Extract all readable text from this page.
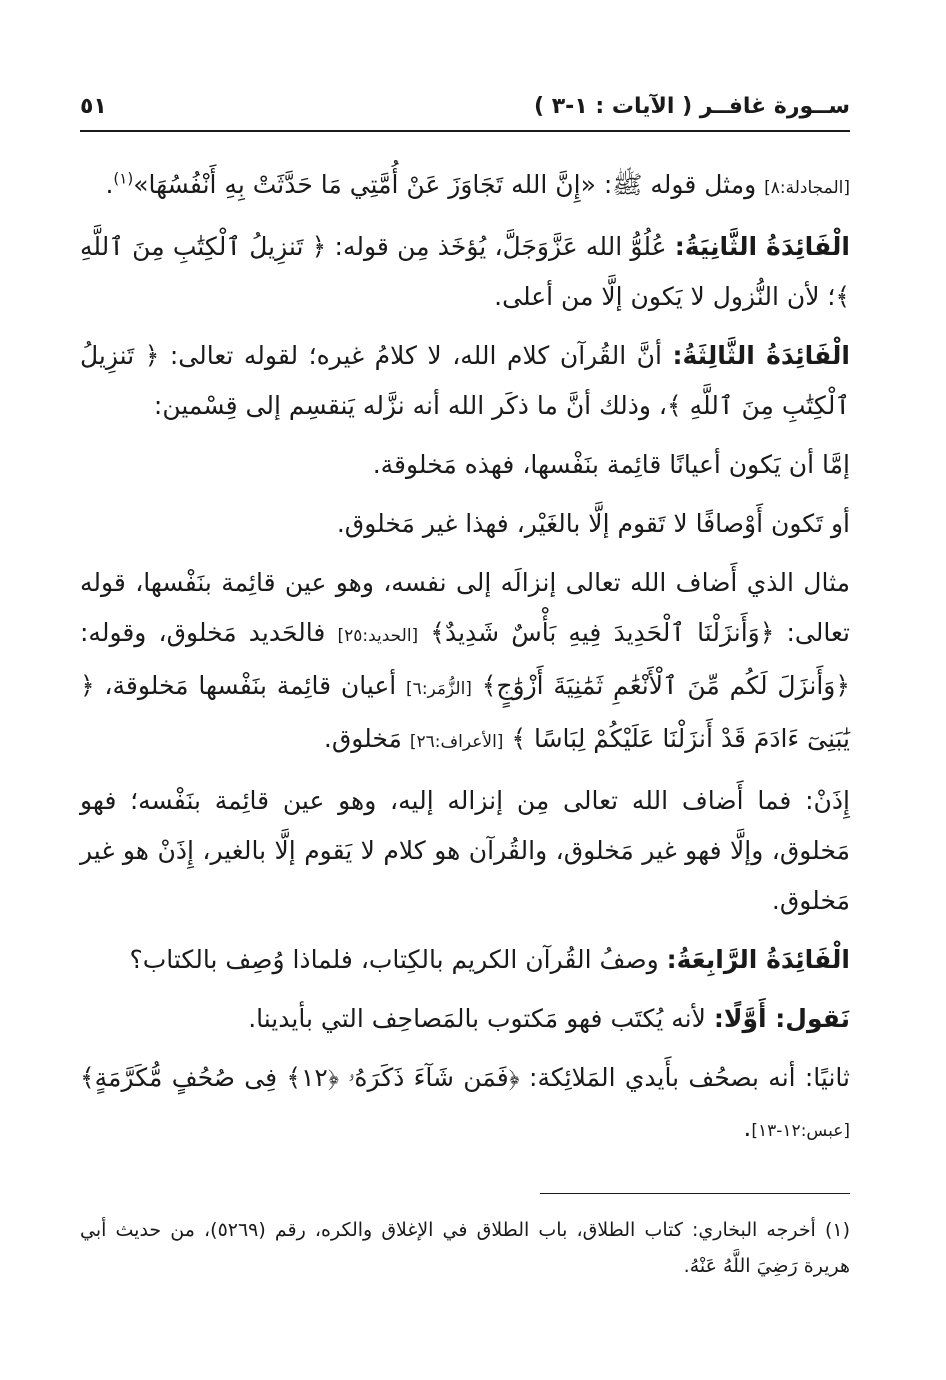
ســورة غافــر ( الآيات : ١-٣ )
٥١

[المجادلة:٨] ومثل قوله ﷺ: «إِنَّ الله تَجَاوَزَ عَنْ أُمَّتِي مَا حَدَّثَتْ بِهِ أَنْفُسُهَا»$^{(١)}$.

الْفَائِدَةُ الثَّانِيَةُ: عُلُوُّ الله عَزَّوَجَلَّ، يُؤخَذ مِن قوله: ﴿ تَنزِيلُ ٱلْكِتَٰبِ مِنَ ٱللَّهِ ﴾؛ لأن النُّزول لا يَكون إلَّا من أعلى.

الْفَائِدَةُ الثَّالِثَةُ: أنَّ القُرآن كلام الله، لا كلامُ غيره؛ لقوله تعالى: ﴿ تَنزِيلُ ٱلْكِتَٰبِ مِنَ ٱللَّهِ ﴾، وذلك أنَّ ما ذكَر الله أنه نزَّله يَنقسِم إلى قِسْمين:

إمَّا أن يَكون أعيانًا قائِمة بنَفْسها، فهذه مَخلوقة.

أو تَكون أَوْصافًا لا تَقوم إلَّا بالغَيْر، فهذا غير مَخلوق.

مثال الذي أَضاف الله تعالى إنزالَه إلى نفسه، وهو عين قائِمة بنَفْسها، قوله تعالى: ﴿وَأَنزَلْنَا ٱلْحَدِيدَ فِيهِ بَأْسٌ شَدِيدٌ﴾ [الحديد:٢٥] فالحَديد مَخلوق، وقوله: ﴿وَأَنزَلَ لَكُم مِّنَ ٱلْأَنْعَٰمِ ثَمَٰنِيَةَ أَزْوَٰجٍ﴾ [الزُّمَر:٦] أعيان قائِمة بنَفْسها مَخلوقة، ﴿ يَٰبَنِىٓ ءَادَمَ قَدْ أَنزَلْنَا عَلَيْكُمْ لِبَاسًا ﴾ [الأعراف:٢٦] مَخلوق.

إِذَنْ: فما أَضاف الله تعالى مِن إنزاله إليه، وهو عين قائِمة بنَفْسه؛ فهو مَخلوق، وإلَّا فهو غير مَخلوق، والقُرآن هو كلام لا يَقوم إلَّا بالغير، إِذَنْ هو غير مَخلوق.

الْفَائِدَةُ الرَّابِعَةُ: وصفُ القُرآن الكريم بالكِتاب، فلماذا وُصِف بالكتاب؟

نَقول: أَوَّلًا: لأنه يُكتَب فهو مَكتوب بالمَصاحِف التي بأيدينا.

ثانيًا: أنه بصحُف بأَيدي المَلائِكة: ﴿فَمَن شَآءَ ذَكَرَهُۥ ﴿١٢﴾ فِى صُحُفٍ مُّكَرَّمَةٍ﴾ [عبس:١٢-١٣].

(١) أخرجه البخاري: كتاب الطلاق، باب الطلاق في الإغلاق والكره، رقم (٥٢٦٩)، من حديث أبي هريرة رَضِيَ اللَّهُ عَنْهُ.
